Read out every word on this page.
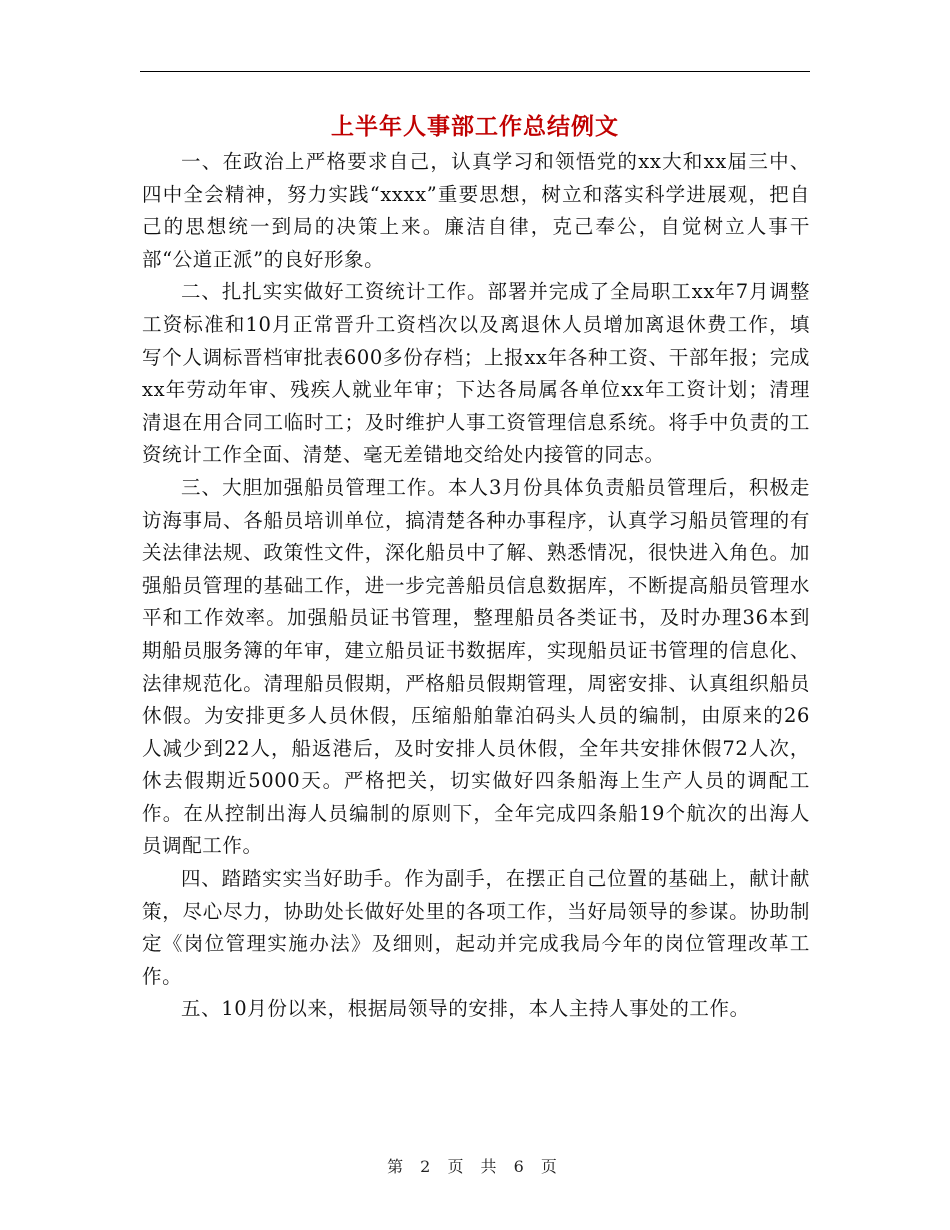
上半年人事部工作总结例文

一、在政治上严格要求自己，认真学习和领悟党的xx大和xx届三中、四中全会精神，努力实践“xxxx”重要思想，树立和落实科学进展观，把自己的思想统一到局的决策上来。廉洁自律，克己奉公，自觉树立人事干部“公道正派”的良好形象。

二、扎扎实实做好工资统计工作。部署并完成了全局职工xx年7月调整工资标准和10月正常晋升工资档次以及离退休人员增加离退休费工作，填写个人调标晋档审批表600多份存档；上报xx年各种工资、干部年报；完成xx年劳动年审、残疾人就业年审；下达各局属各单位xx年工资计划；清理清退在用合同工临时工；及时维护人事工资管理信息系统。将手中负责的工资统计工作全面、清楚、毫无差错地交给处内接管的同志。

三、大胆加强船员管理工作。本人3月份具体负责船员管理后，积极走访海事局、各船员培训单位，搞清楚各种办事程序，认真学习船员管理的有关法律法规、政策性文件，深化船员中了解、熟悉情况，很快进入角色。加强船员管理的基础工作，进一步完善船员信息数据库，不断提高船员管理水平和工作效率。加强船员证书管理，整理船员各类证书，及时办理36本到期船员服务簿的年审，建立船员证书数据库，实现船员证书管理的信息化、法律规范化。清理船员假期，严格船员假期管理，周密安排、认真组织船员休假。为安排更多人员休假，压缩船舶靠泊码头人员的编制，由原来的26人减少到22人，船返港后，及时安排人员休假，全年共安排休假72人次，休去假期近5000天。严格把关，切实做好四条船海上生产人员的调配工作。在从控制出海人员编制的原则下，全年完成四条船19个航次的出海人员调配工作。

四、踏踏实实当好助手。作为副手，在摆正自己位置的基础上，献计献策，尽心尽力，协助处长做好处里的各项工作，当好局领导的参谋。协助制定《岗位管理实施办法》及细则，起动并完成我局今年的岗位管理改革工作。

五、10月份以来，根据局领导的安排，本人主持人事处的工作。

第 2 页 共 6 页
